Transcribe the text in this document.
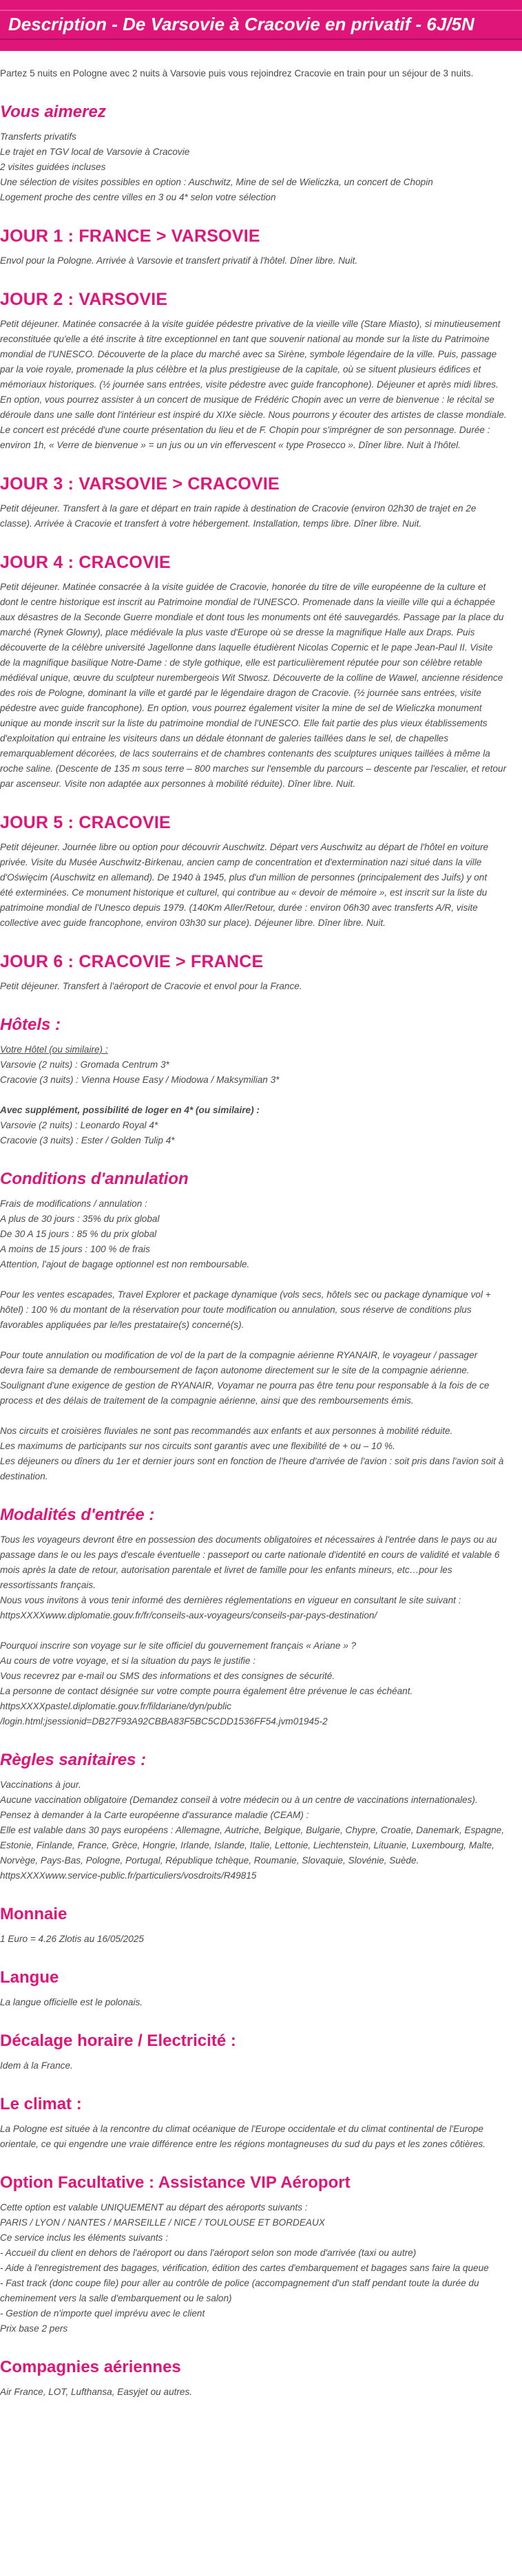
Description - De Varsovie à Cracovie en privatif - 6J/5N
Partez 5 nuits en Pologne avec 2 nuits à Varsovie puis vous rejoindrez Cracovie en train pour un séjour de 3 nuits.
Vous aimerez
Transferts privatifs
Le trajet en TGV local de Varsovie à Cracovie
2 visites guidées incluses
Une sélection de visites possibles en option : Auschwitz, Mine de sel de Wieliczka, un concert de Chopin
Logement proche des centre villes en 3 ou 4* selon votre sélection
JOUR 1 : FRANCE > VARSOVIE
Envol pour la Pologne. Arrivée à Varsovie et transfert privatif à l'hôtel. Dîner libre. Nuit.
JOUR 2 : VARSOVIE
Petit déjeuner. Matinée consacrée à la visite guidée pédestre privative de la vieille ville (Stare Miasto), si minutieusement
reconstituée qu'elle a été inscrite à titre exceptionnel en tant que souvenir national au monde sur la liste du Patrimoine
mondial de l'UNESCO. Découverte de la place du marché avec sa Sirène, symbole légendaire de la ville. Puis, passage
par la voie royale, promenade la plus célèbre et la plus prestigieuse de la capitale, où se situent plusieurs édifices et
mémoriaux historiques. (½ journée sans entrées, visite pédestre avec guide francophone). Déjeuner et après midi libres.
En option, vous pourrez assister à un concert de musique de Frédéric Chopin avec un verre de bienvenue : le récital se
déroule dans une salle dont l'intérieur est inspiré du XIXe siècle. Nous pourrons y écouter des artistes de classe mondiale.
Le concert est précédé d'une courte présentation du lieu et de F. Chopin pour s'imprégner de son personnage. Durée :
environ 1h, « Verre de bienvenue » = un jus ou un vin effervescent « type Prosecco ». Dîner libre. Nuit à l'hôtel.
JOUR 3 : VARSOVIE > CRACOVIE
Petit déjeuner. Transfert à la gare et départ en train rapide à destination de Cracovie (environ 02h30 de trajet en 2e
classe). Arrivée à Cracovie et transfert à votre hébergement. Installation, temps libre. Dîner libre. Nuit.
JOUR 4 : CRACOVIE
Petit déjeuner. Matinée consacrée à la visite guidée de Cracovie, honorée du titre de ville européenne de la culture et
dont le centre historique est inscrit au Patrimoine mondial de l'UNESCO. Promenade dans la vieille ville qui a échappée
aux désastres de la Seconde Guerre mondiale et dont tous les monuments ont été sauvegardés. Passage par la place du
marché (Rynek Glowny), place médiévale la plus vaste d'Europe où se dresse la magnifique Halle aux Draps. Puis
découverte de la célèbre université Jagellonne dans laquelle étudièrent Nicolas Copernic et le pape Jean-Paul II. Visite
de la magnifique basilique Notre-Dame : de style gothique, elle est particulièrement réputée pour son célèbre retable
médiéval unique, œuvre du sculpteur nurembergeois Wit Stwosz. Découverte de la colline de Wawel, ancienne résidence
des rois de Pologne, dominant la ville et gardé par le légendaire dragon de Cracovie. (½ journée sans entrées, visite
pédestre avec guide francophone). En option, vous pourrez également visiter la mine de sel de Wieliczka monument
unique au monde inscrit sur la liste du patrimoine mondial de l'UNESCO. Elle fait partie des plus vieux établissements
d'exploitation qui entraine les visiteurs dans un dédale étonnant de galeries taillées dans le sel, de chapelles
remarquablement décorées, de lacs souterrains et de chambres contenants des sculptures uniques taillées à même la
roche saline. (Descente de 135 m sous terre – 800 marches sur l'ensemble du parcours – descente par l'escalier, et retour
par ascenseur. Visite non adaptée aux personnes à mobilité réduite). Dîner libre. Nuit.
JOUR 5 : CRACOVIE
Petit déjeuner. Journée libre ou option pour découvrir Auschwitz. Départ vers Auschwitz au départ de l'hôtel en voiture
privée. Visite du Musée Auschwitz-Birkenau, ancien camp de concentration et d'extermination nazi situé dans la ville
d'Oświęcim (Auschwitz en allemand). De 1940 à 1945, plus d'un million de personnes (principalement des Juifs) y ont
été exterminées. Ce monument historique et culturel, qui contribue au « devoir de mémoire », est inscrit sur la liste du
patrimoine mondial de l'Unesco depuis 1979. (140Km Aller/Retour, durée : environ 06h30 avec transferts A/R, visite
collective avec guide francophone, environ 03h30 sur place). Déjeuner libre. Dîner libre. Nuit.
JOUR 6 : CRACOVIE > FRANCE
Petit déjeuner. Transfert à l'aéroport de Cracovie et envol pour la France.
Hôtels :
Votre Hôtel (ou similaire) :
Varsovie (2 nuits) : Gromada Centrum 3*
Cracovie (3 nuits) : Vienna House Easy / Miodowa / Maksymilian 3*
Avec supplément, possibilité de loger en 4* (ou similaire) :
Varsovie (2 nuits) : Leonardo Royal 4*
Cracovie (3 nuits) : Ester / Golden Tulip 4*
Conditions d'annulation
Frais de modifications / annulation :
A plus de 30 jours : 35% du prix global
De 30 A 15 jours : 85 % du prix global
A moins de 15 jours : 100 % de frais
Attention, l'ajout de bagage optionnel est non remboursable.
Pour les ventes escapades, Travel Explorer et package dynamique (vols secs, hôtels sec ou package dynamique vol +
hôtel) : 100 % du montant de la réservation pour toute modification ou annulation, sous réserve de conditions plus
favorables appliquées par le/les prestataire(s) concerné(s).
Pour toute annulation ou modification de vol de la part de la compagnie aérienne RYANAIR, le voyageur / passager
devra faire sa demande de remboursement de façon autonome directement sur le site de la compagnie aérienne.
Soulignant d'une exigence de gestion de RYANAIR, Voyamar ne pourra pas être tenu pour responsable à la fois de ce
process et des délais de traitement de la compagnie aérienne, ainsi que des remboursements émis.
Nos circuits et croisières fluviales ne sont pas recommandés aux enfants et aux personnes à mobilité réduite.
Les maximums de participants sur nos circuits sont garantis avec une flexibilité de + ou – 10 %.
Les déjeuners ou dîners du 1er et dernier jours sont en fonction de l'heure d'arrivée de l'avion : soit pris dans l'avion soit à
destination.
Modalités d'entrée :
Tous les voyageurs devront être en possession des documents obligatoires et nécessaires à l'entrée dans le pays ou au
passage dans le ou les pays d'escale éventuelle : passeport ou carte nationale d'identité en cours de validité et valable 6
mois après la date de retour, autorisation parentale et livret de famille pour les enfants mineurs, etc…pour les
ressortissants français.
Nous vous invitons à vous tenir informé des dernières réglementations en vigueur en consultant le site suivant :
httpsXXXXwww.diplomatie.gouv.fr/fr/conseils-aux-voyageurs/conseils-par-pays-destination/
Pourquoi inscrire son voyage sur le site officiel du gouvernement français « Ariane » ?
Au cours de votre voyage, et si la situation du pays le justifie :
Vous recevrez par e-mail ou SMS des informations et des consignes de sécurité.
La personne de contact désignée sur votre compte pourra également être prévenue le cas échéant.
httpsXXXXpastel.diplomatie.gouv.fr/fildariane/dyn/public
/login.html;jsessionid=DB27F93A92CBBA83F5BC5CDD1536FF54.jvm01945-2
Règles sanitaires :
Vaccinations à jour.
Aucune vaccination obligatoire (Demandez conseil à votre médecin ou à un centre de vaccinations internationales).
Pensez à demander à la Carte européenne d'assurance maladie (CEAM) :
Elle est valable dans 30 pays européens : Allemagne, Autriche, Belgique, Bulgarie, Chypre, Croatie, Danemark, Espagne,
Estonie, Finlande, France, Grèce, Hongrie, Irlande, Islande, Italie, Lettonie, Liechtenstein, Lituanie, Luxembourg, Malte,
Norvège, Pays-Bas, Pologne, Portugal, République tchèque, Roumanie, Slovaquie, Slovénie, Suède.
httpsXXXXwww.service-public.fr/particuliers/vosdroits/R49815
Monnaie
1 Euro = 4.26 Zlotis au 16/05/2025
Langue
La langue officielle est le polonais.
Décalage horaire / Electricité :
Idem à la France.
Le climat :
La Pologne est située à la rencontre du climat océanique de l'Europe occidentale et du climat continental de l'Europe
orientale, ce qui engendre une vraie différence entre les régions montagneuses du sud du pays et les zones côtières.
Option Facultative : Assistance VIP Aéroport
Cette option est valable UNIQUEMENT au départ des aéroports suivants :
PARIS / LYON / NANTES / MARSEILLE / NICE / TOULOUSE ET BORDEAUX
Ce service inclus les éléments suivants :
- Accueil du client en dehors de l'aéroport ou dans l'aéroport selon son mode d'arrivée (taxi ou autre)
- Aide à l'enregistrement des bagages, vérification, édition des cartes d'embarquement et bagages sans faire la queue
- Fast track (donc coupe file) pour aller au contrôle de police (accompagnement d'un staff pendant toute la durée du
cheminement vers la salle d'embarquement ou le salon)
- Gestion de n'importe quel imprévu avec le client
Prix base 2 pers
Compagnies aériennes
Air France, LOT, Lufthansa, Easyjet ou autres.
